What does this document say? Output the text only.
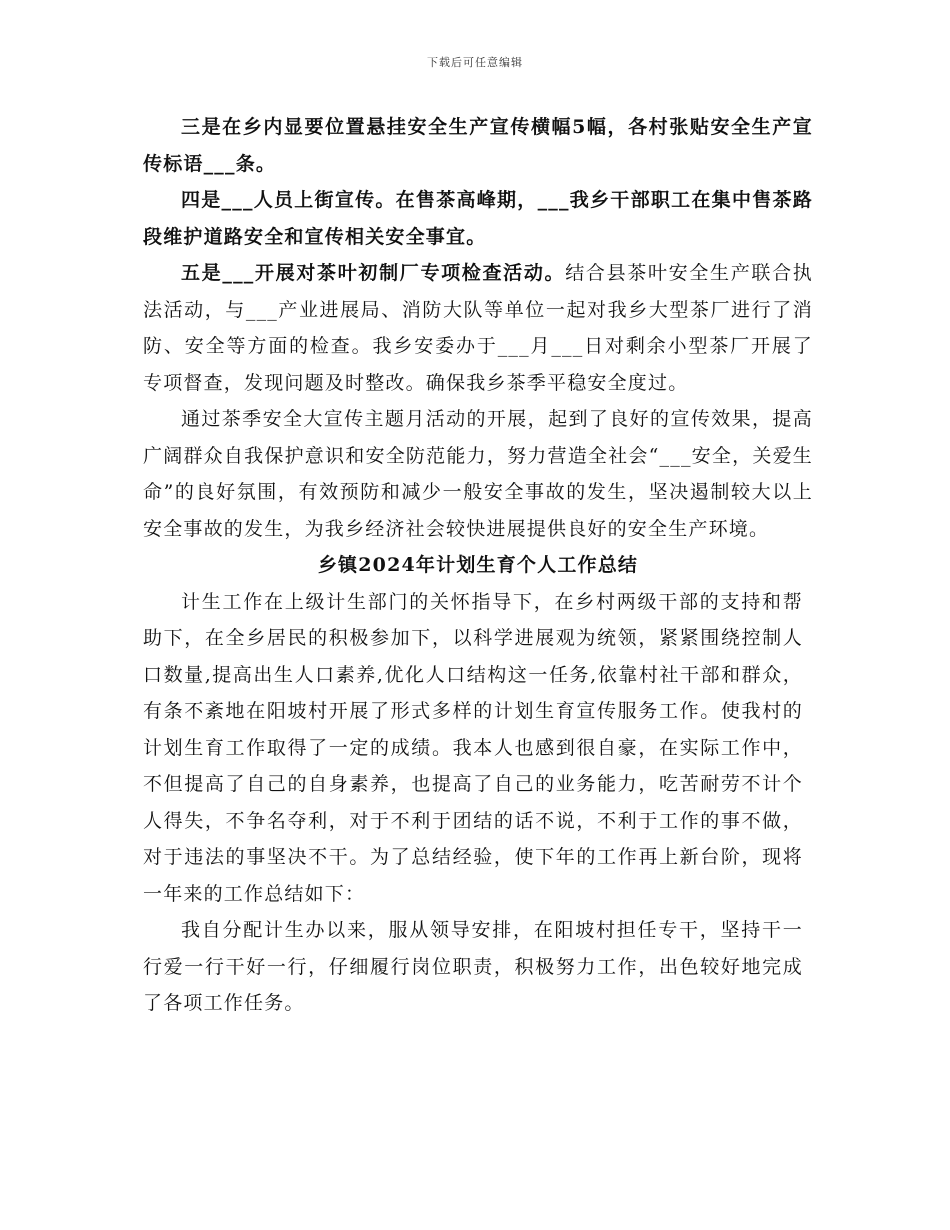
下载后可任意编辑

三是在乡内显要位置悬挂安全生产宣传横幅5幅，各村张贴安全生产宣传标语___条。

四是___人员上街宣传。在售茶高峰期，___我乡干部职工在集中售茶路段维护道路安全和宣传相关安全事宜。

五是___开展对茶叶初制厂专项检查活动。结合县茶叶安全生产联合执法活动，与___产业进展局、消防大队等单位一起对我乡大型茶厂进行了消防、安全等方面的检查。我乡安委办于___月___日对剩余小型茶厂开展了专项督查，发现问题及时整改。确保我乡茶季平稳安全度过。

通过茶季安全大宣传主题月活动的开展，起到了良好的宣传效果，提高广阔群众自我保护意识和安全防范能力，努力营造全社会“___安全，关爱生命”的良好氛围，有效预防和减少一般安全事故的发生，坚决遏制较大以上安全事故的发生，为我乡经济社会较快进展提供良好的安全生产环境。

乡镇2024年计划生育个人工作总结

计生工作在上级计生部门的关怀指导下，在乡村两级干部的支持和帮助下，在全乡居民的积极参加下，以科学进展观为统领，紧紧围绕控制人口数量,提高出生人口素养,优化人口结构这一任务,依靠村社干部和群众，有条不紊地在阳坡村开展了形式多样的计划生育宣传服务工作。使我村的计划生育工作取得了一定的成绩。我本人也感到很自豪，在实际工作中，不但提高了自己的自身素养，也提高了自己的业务能力，吃苦耐劳不计个人得失，不争名夺利，对于不利于团结的话不说，不利于工作的事不做，对于违法的事坚决不干。为了总结经验，使下年的工作再上新台阶，现将一年来的工作总结如下：

我自分配计生办以来，服从领导安排，在阳坡村担任专干，坚持干一行爱一行干好一行，仔细履行岗位职责，积极努力工作，出色较好地完成了各项工作任务。
